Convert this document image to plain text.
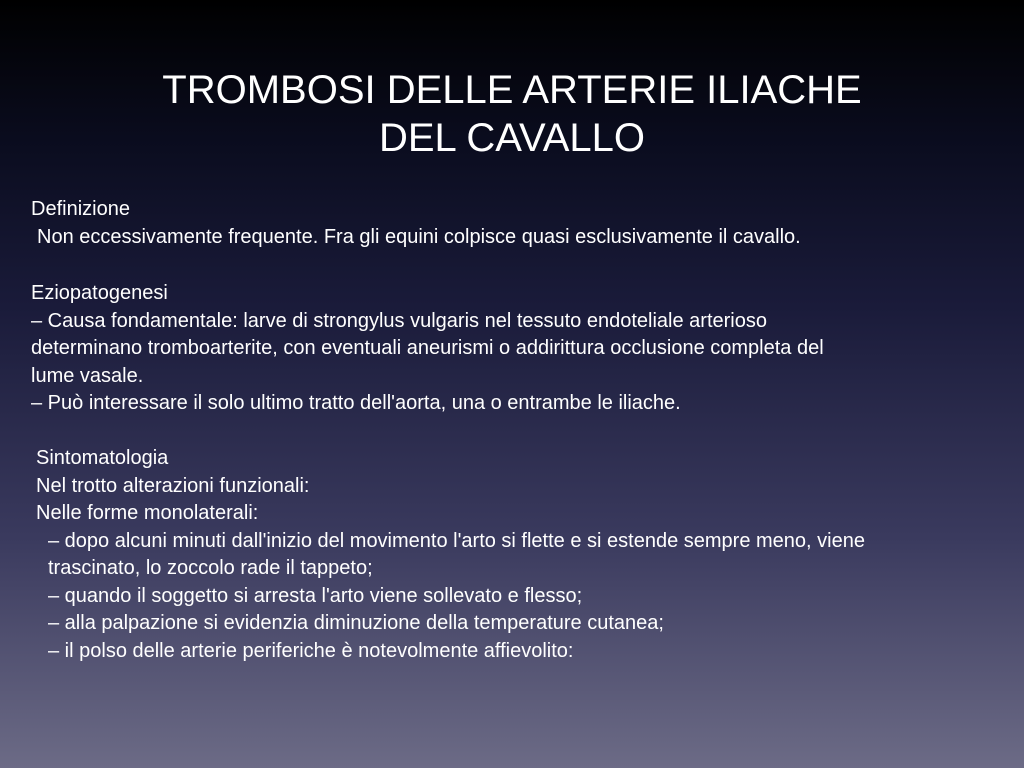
TROMBOSI DELLE ARTERIE ILIACHE
DEL CAVALLO
Definizione
Non eccessivamente frequente. Fra gli equini colpisce quasi esclusivamente il cavallo.
Eziopatogenesi
– Causa fondamentale: larve di strongylus vulgaris nel tessuto endoteliale arterioso
determinano tromboarterite, con eventuali aneurismi o addirittura occlusione completa del
lume vasale.
– Può interessare il solo ultimo tratto dell'aorta, una o entrambe le iliache.
Sintomatologia
Nel trotto alterazioni funzionali:
Nelle forme monolaterali:
– dopo alcuni minuti dall'inizio del movimento l'arto si flette e si estende sempre meno, viene
trascinato, lo zoccolo rade il tappeto;
– quando il soggetto si arresta l'arto viene sollevato e flesso;
– alla palpazione si evidenzia diminuzione della temperature cutanea;
– il polso delle arterie periferiche è notevolmente affievolito:
